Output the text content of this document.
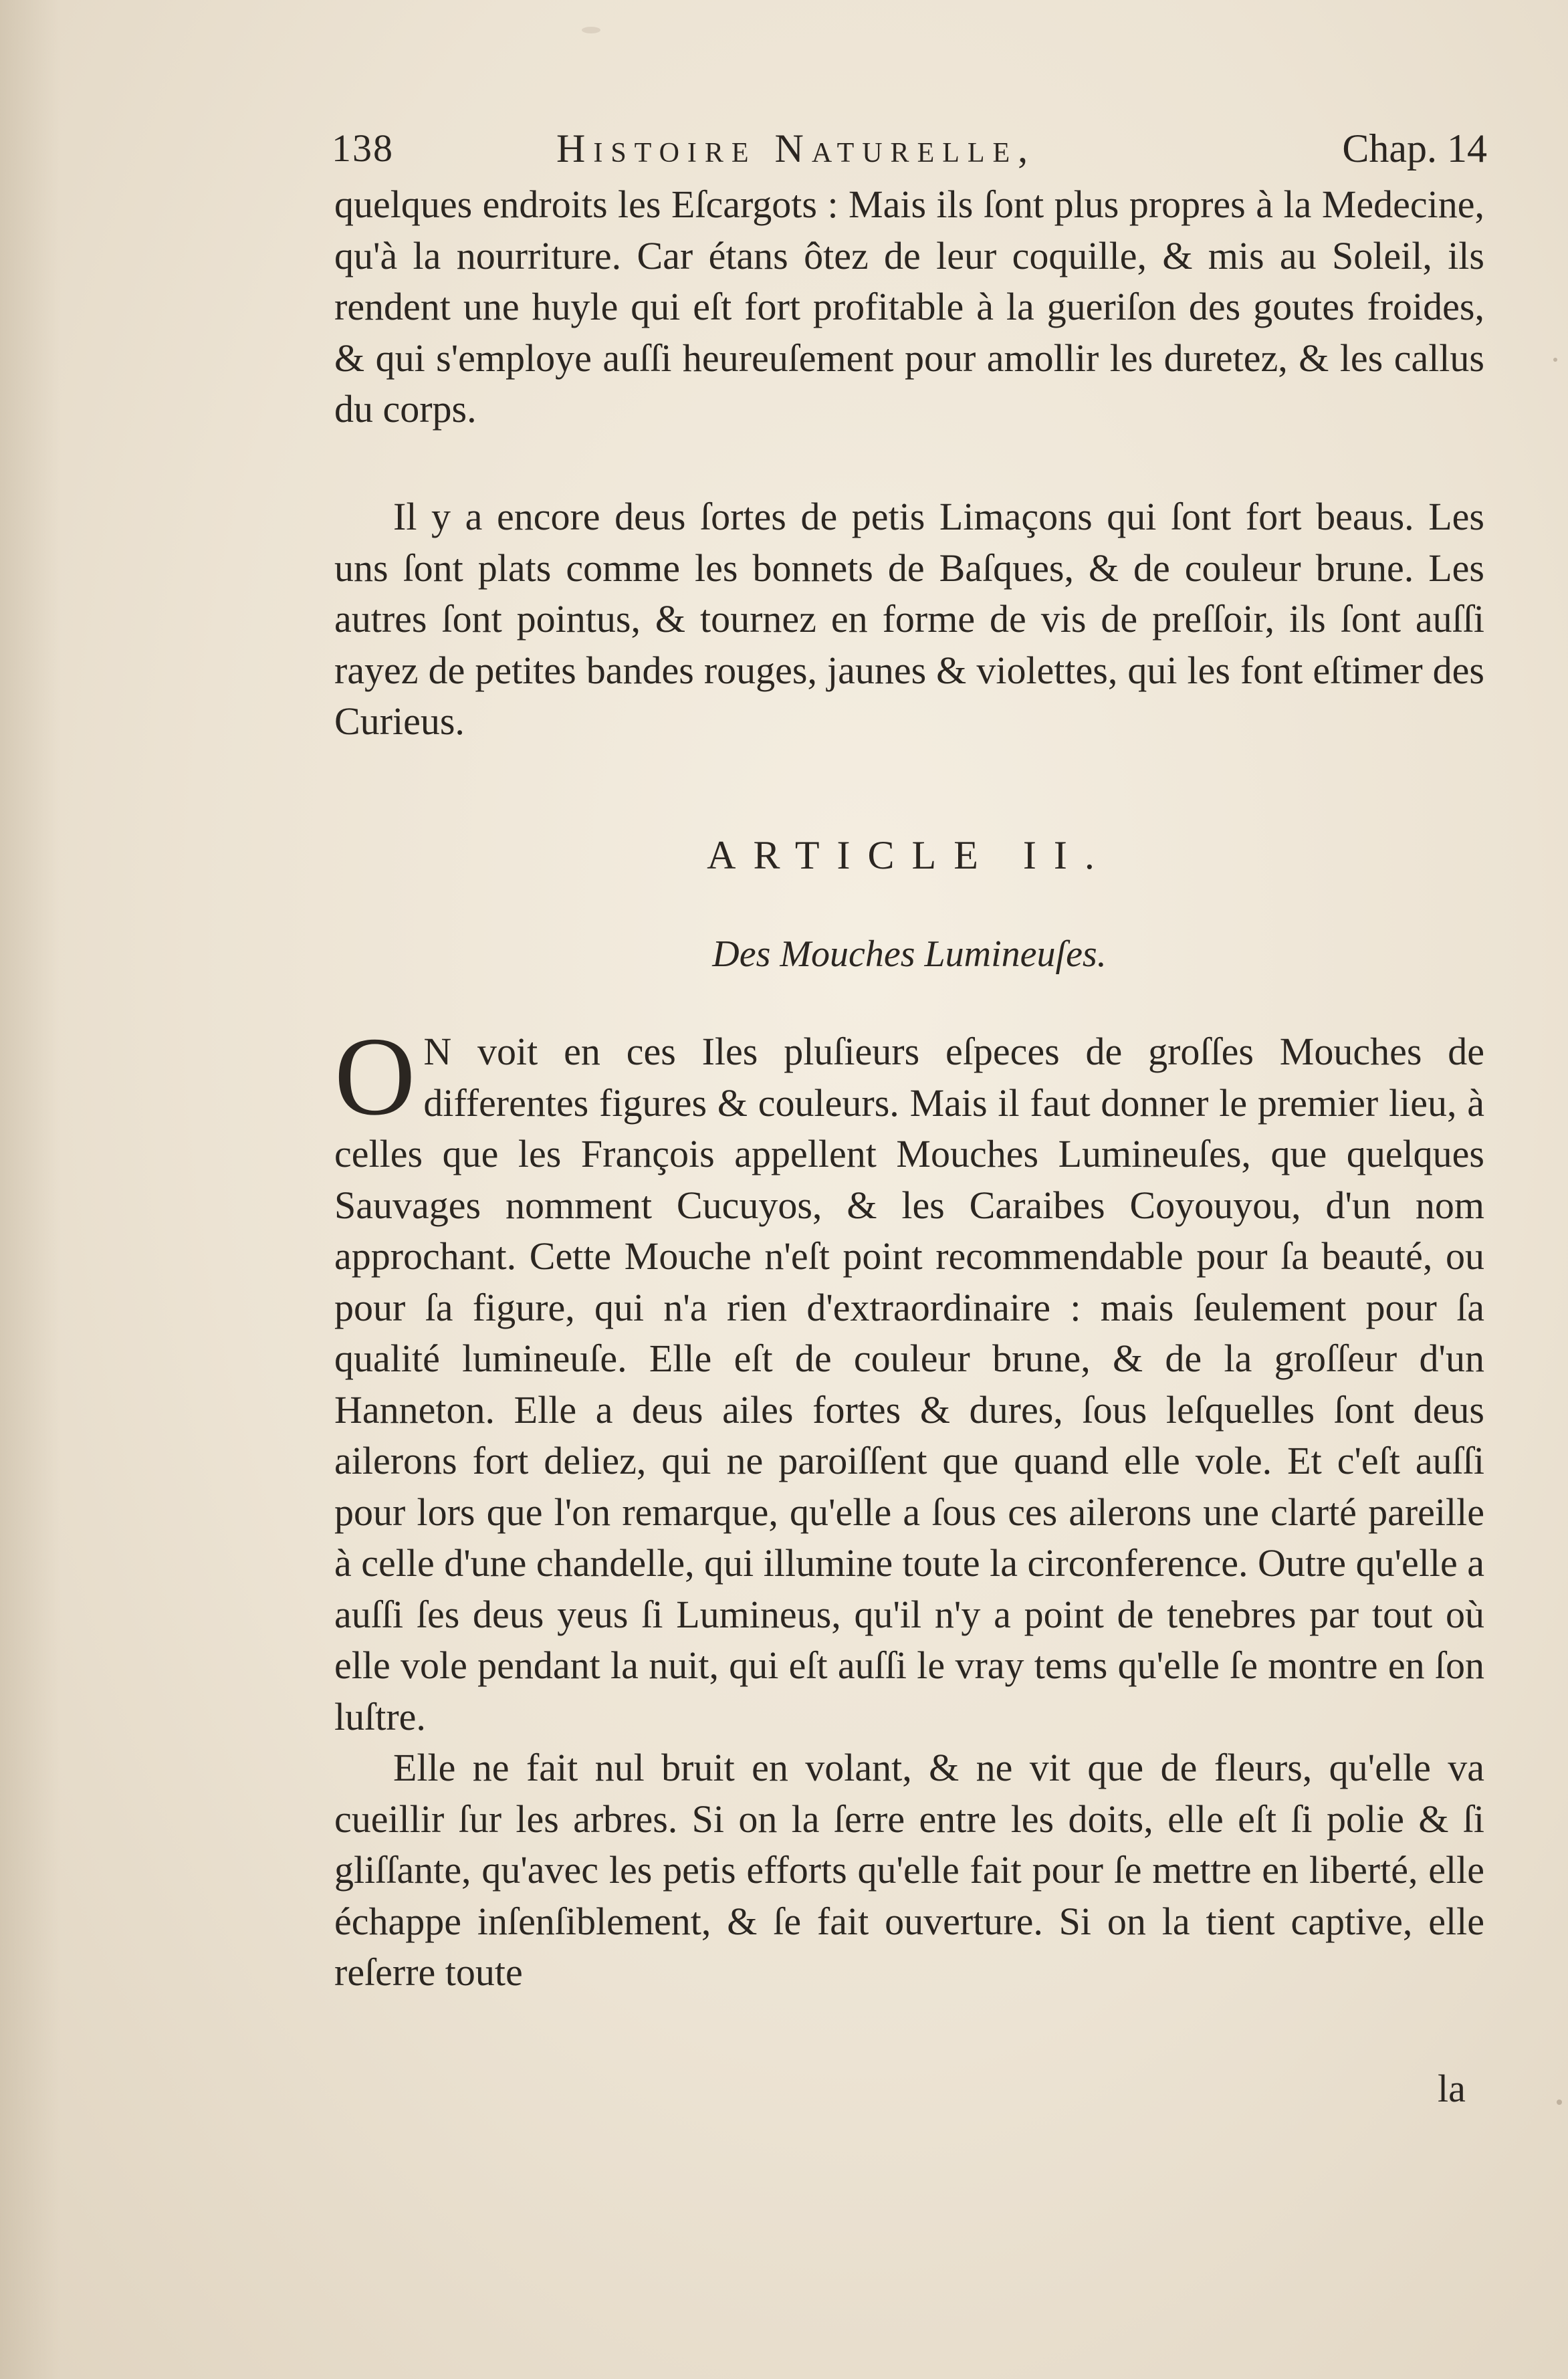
138	Histoire Naturelle,	Chap. 14

quelques endroits les Eſcargots : Mais ils ſont plus propres à la Medecine, qu'à la nourriture. Car étans ôtez de leur coquille, & mis au Soleil, ils rendent une huyle qui eſt fort profitable à la gueriſon des goutes froides, & qui s'employe auſſi heureuſement pour amollir les duretez, & les callus du corps.

Il y a encore deus ſortes de petis Limaçons qui ſont fort beaus. Les uns ſont plats comme les bonnets de Baſques, & de couleur brune. Les autres ſont pointus, & tournez en forme de vis de preſſoir, ils ſont auſſi rayez de petites bandes rouges, jaunes & violettes, qui les font eſtimer des Curieus.

ARTICLE II.
Des Mouches Lumineuſes.

O N voit en ces Iles pluſieurs eſpeces de groſſes Mouches de differentes figures & couleurs. Mais il faut donner le premier lieu, à celles que les François appellent Mouches Lumineuſes, que quelques Sauvages nomment Cucuyos, & les Caraibes Coyouyou, d'un nom approchant. Cette Mouche n'eſt point recommendable pour ſa beauté, ou pour ſa figure, qui n'a rien d'extraordinaire : mais ſeulement pour ſa qualité lumineuſe. Elle eſt de couleur brune, & de la groſſeur d'un Hanneton. Elle a deus ailes fortes & dures, ſous leſquelles ſont deus ailerons fort deliez, qui ne paroiſſent que quand elle vole. Et c'eſt auſſi pour lors que l'on remarque, qu'elle a ſous ces ailerons une clarté pareille à celle d'une chandelle, qui illumine toute la circonference. Outre qu'elle a auſſi ſes deus yeus ſi Lumineus, qu'il n'y a point de tenebres par tout où elle vole pendant la nuit, qui eſt auſſi le vray tems qu'elle ſe montre en ſon luſtre.

Elle ne fait nul bruit en volant, & ne vit que de fleurs, qu'elle va cueillir ſur les arbres. Si on la ſerre entre les doits, elle eſt ſi polie & ſi gliſſante, qu'avec les petis efforts qu'elle fait pour ſe mettre en liberté, elle échappe inſenſiblement, & ſe fait ouverture. Si on la tient captive, elle reſerre toute

la
